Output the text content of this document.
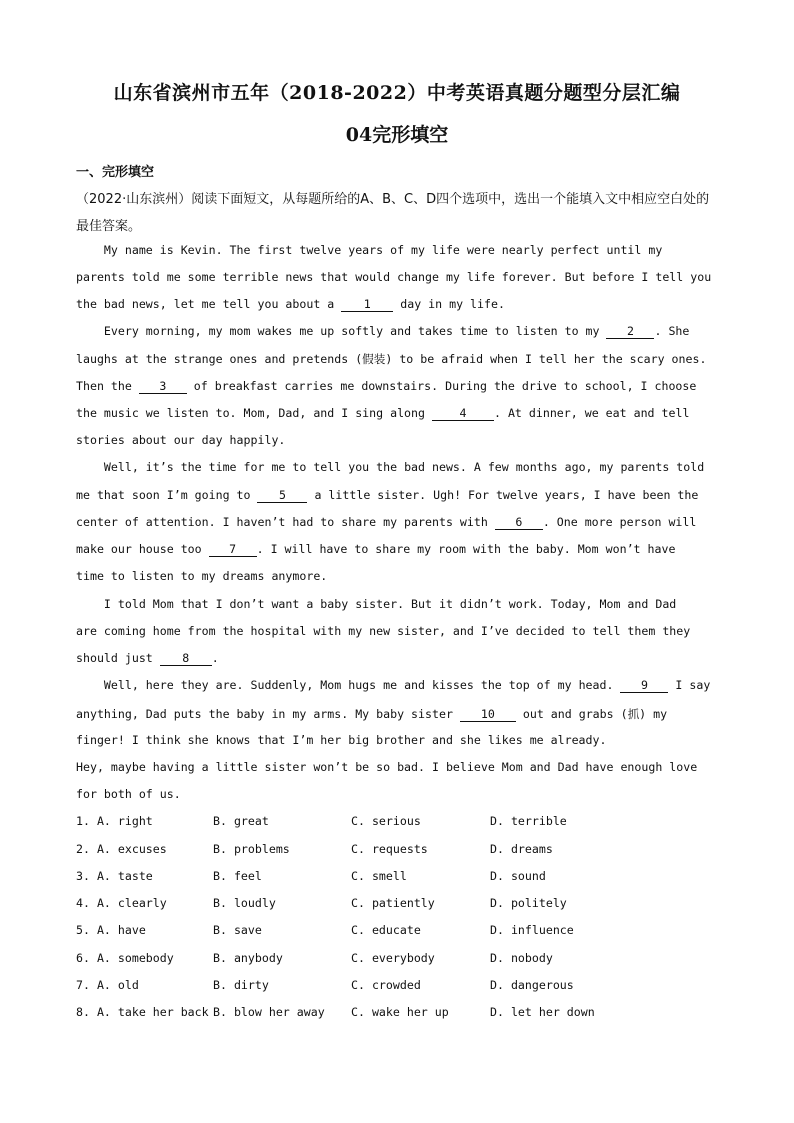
山东省滨州市五年（2018-2022）中考英语真题分题型分层汇编
04完形填空
一、完形填空
（2022·山东滨州）阅读下面短文，从每题所给的A、B、C、D四个选项中，选出一个能填入文中相应空白处的最佳答案。
My name is Kevin. The first twelve years of my life were nearly perfect until my
parents told me some terrible news that would change my life forever. But before I tell you
the bad news, let me tell you about a 1 day in my life.
Every morning, my mom wakes me up softly and takes time to listen to my 2 . She
laughs at the strange ones and pretends (假装) to be afraid when I tell her the scary ones.
Then the 3 of breakfast carries me downstairs. During the drive to school, I choose
the music we listen to. Mom, Dad, and I sing along 4 . At dinner, we eat and tell
stories about our day happily.
Well, it’s the time for me to tell you the bad news. A few months ago, my parents told
me that soon I’m going to 5 a little sister. Ugh! For twelve years, I have been the
center of attention. I haven’t had to share my parents with 6 . One more person will
make our house too 7 . I will have to share my room with the baby. Mom won’t have
time to listen to my dreams anymore.
I told Mom that I don’t want a baby sister. But it didn’t work. Today, Mom and Dad
are coming home from the hospital with my new sister, and I’ve decided to tell them they
should just 8 .
Well, here they are. Suddenly, Mom hugs me and kisses the top of my head. 9 I say
anything, Dad puts the baby in my arms. My baby sister 10 out and grabs (抓) my
finger! I think she knows that I’m her big brother and she likes me already.
Hey, maybe having a little sister won’t be so bad. I believe Mom and Dad have enough love
for both of us.
1. A. right	B. great	C. serious	D. terrible
2. A. excuses	B. problems	C. requests	D. dreams
3. A. taste	B. feel	C. smell	D. sound
4. A. clearly	B. loudly	C. patiently	D. politely
5. A. have	B. save	C. educate	D. influence
6. A. somebody	B. anybody	C. everybody	D. nobody
7. A. old	B. dirty	C. crowded	D. dangerous
8. A. take her back B. blow her away C. wake her up	D. let her down
